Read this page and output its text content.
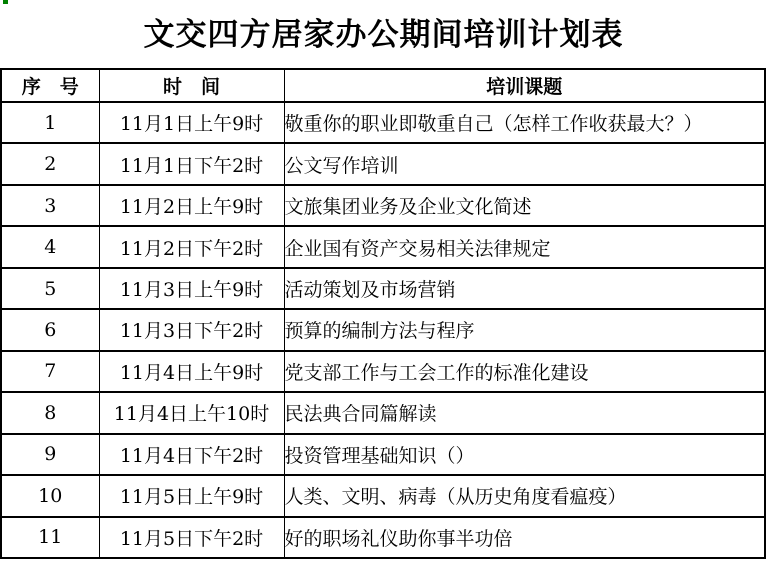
文交四方居家办公期间培训计划表
序　号	时　间	培训课题
1	11月1日上午9时	敬重你的职业即敬重自己（怎样工作收获最大？）
2	11月1日下午2时	公文写作培训
3	11月2日上午9时	文旅集团业务及企业文化简述
4	11月2日下午2时	企业国有资产交易相关法律规定
5	11月3日上午9时	活动策划及市场营销
6	11月3日下午2时	预算的编制方法与程序
7	11月4日上午9时	党支部工作与工会工作的标准化建设
8	11月4日上午10时	民法典合同篇解读
9	11月4日下午2时	投资管理基础知识（）
10	11月5日上午9时	人类、文明、病毒（从历史角度看瘟疫）
11	11月5日下午2时	好的职场礼仪助你事半功倍
